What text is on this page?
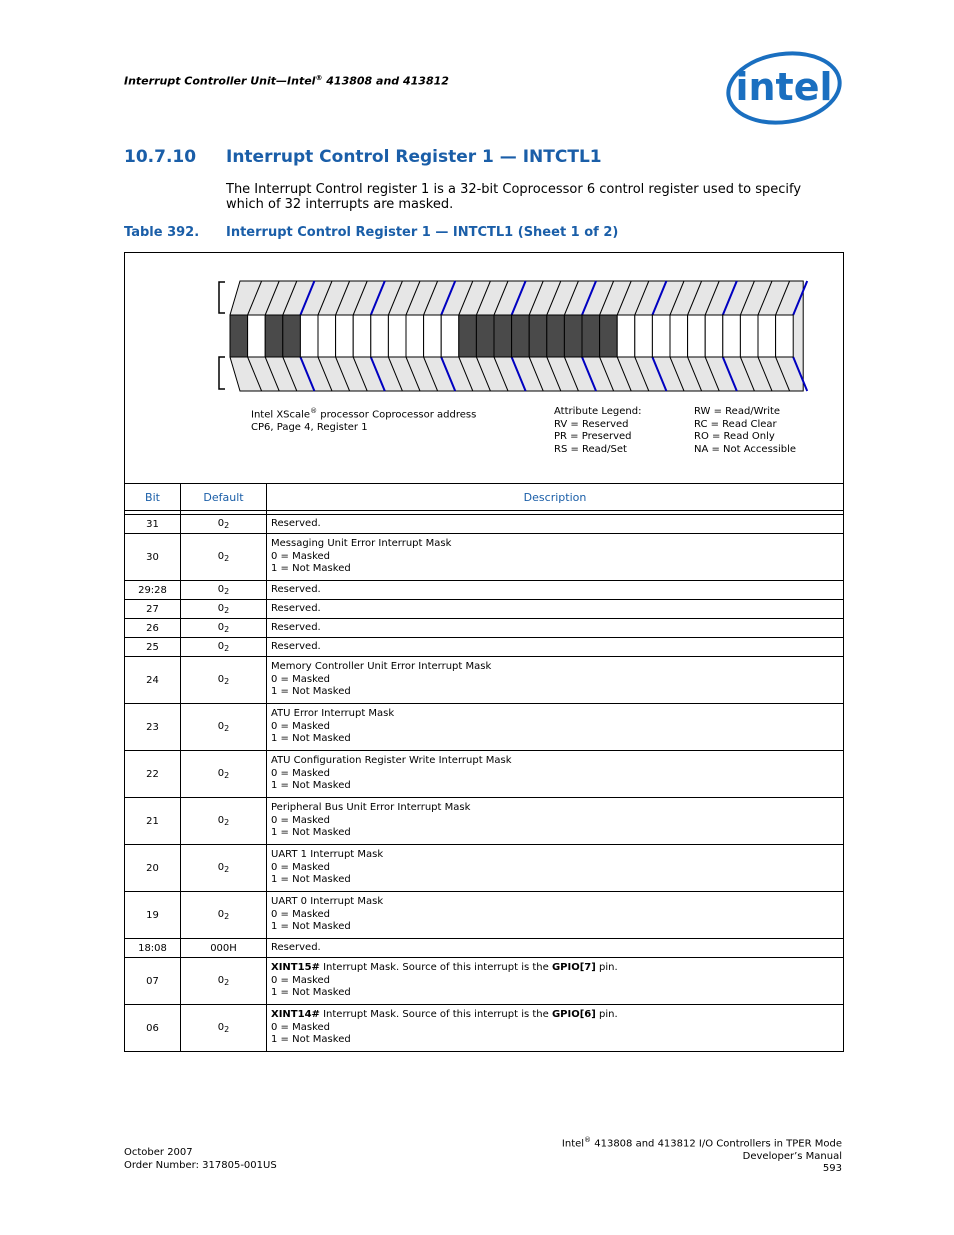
Interrupt Controller Unit—Intel® 413808 and 413812	intel
10.7.10 Interrupt Control Register 1 — INTCTL1
The Interrupt Control register 1 is a 32-bit Coprocessor 6 control register used to specify which of 32 interrupts are masked.
Table 392. Interrupt Control Register 1 — INTCTL1 (Sheet 1 of 2)
Intel XScale® processor Coprocessor address
CP6, Page 4, Register 1
Attribute Legend:
RV = Reserved
PR = Preserved
RS = Read/Set
RW = Read/Write
RC = Read Clear
RO = Read Only
NA = Not Accessible
Bit	Default	Description

31	$0_2$	Reserved.

30	$0_2$	Messaging Unit Error Interrupt Mask
0 = Masked
1 = Not Masked

29:28	$0_2$	Reserved.

27	$0_2$	Reserved.

26	$0_2$	Reserved.

25	$0_2$	Reserved.

24	$0_2$	Memory Controller Unit Error Interrupt Mask
0 = Masked
1 = Not Masked

23	$0_2$	ATU Error Interrupt Mask
0 = Masked
1 = Not Masked

22	$0_2$	ATU Configuration Register Write Interrupt Mask
0 = Masked
1 = Not Masked

21	$0_2$	Peripheral Bus Unit Error Interrupt Mask
0 = Masked
1 = Not Masked

20	$0_2$	UART 1 Interrupt Mask
0 = Masked
1 = Not Masked

19	$0_2$	UART 0 Interrupt Mask
0 = Masked
1 = Not Masked

18:08	000H	Reserved.

07	$0_2$	XINT15# Interrupt Mask. Source of this interrupt is the GPIO[7] pin.
0 = Masked
1 = Not Masked

06	$0_2$	XINT14# Interrupt Mask. Source of this interrupt is the GPIO[6] pin.
0 = Masked
1 = Not Masked
October 2007
Order Number: 317805-001US
Intel® 413808 and 413812 I/O Controllers in TPER Mode
Developer’s Manual
593
